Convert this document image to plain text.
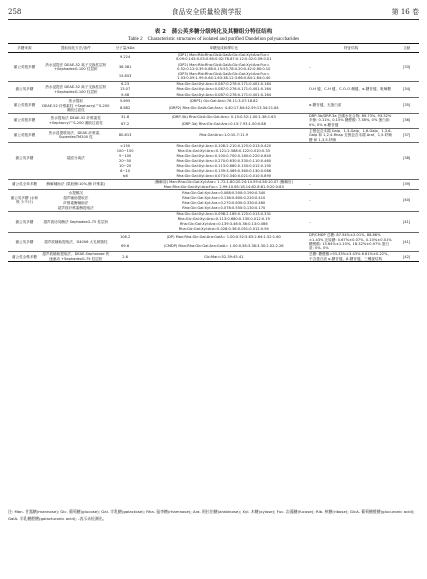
258	食品安全质量检测学报	第 16 卷
表 2　蒲公英多糖分级纯化及其糖组分特征结构
Table 2　Characteristic structures of isolated and purified Dandelion polysaccharides
多糖来源	提取纯化方法/条件	分子量/kDa	单糖组成和摩尔比	特征结构	文献
蒲公英根多糖	热水浸提法 DEAE-52 离子交换柱层析 +SephadexG-100 柱层析	9.224	(DP1) Man:Rib:Rha:GlcA:GalA:Glc:Gal:Xyl:Ara:Fuc= 0.09:0.145:0.03:0.65:0.02:78.67:0.12:0.02:0.09:0.01	–	[33]
		36.381	(DP2) Man:Rib:Rha:GlcA:GalA:Glc:Gal:Xyl:Ara:Fuc= 0.52:0.12:0.39:0.88:0.15:53.78:0.20:0.42:0.80:0.10		
		15.853	(DP3) Man:Rib:Rha:GlcA:GalA:Glc:Gal:Xyl:Ara:Fuc= 1.03:0.09:1.99:0.64:1.63:38.12:3.66:0.84:1.84:0.40		
蒲公英多糖	热水浸提法 DEAE-52 离子交换柱层析 +SephadexG-100 柱层析	6.23	Rha:Glc:Gal:Xyl:Ara=0.087:0.276:0.171:0.401:0.164	O-H 键、C-H 键、C-O-O 酮键、α-糖苷键、吡喃糖	[34]
		13.07	Rha:Glc:Gal:Xyl:Ara=0.087:0.276:0.171:0.401:0.164		
		9.48	Rha:Glc:Gal:Xyl:Ara=0.087:0.276:0.171:0.401:0.164		
蒲公英根多糖	热水提取	5.695	(DRP1) Glc:Gal:Ara=76.11:3.07:18.82	α-糖苷键，无蛋白质	[35]
	DEAE-52 纤维素柱 +Sephacryl™S-200 凝胶过滤柱	8.882	(DRP2) Rha:Glc:GalA:Gal:Ara= 4.40:17.84:42.59:13.34:21.84		
蒲公英根多糖	热水提取法 DEAE-52 纤维素柱 +Sephacryl™S-200 凝胶过滤柱	31.8	(DRP-3b) Rha:GlcA:Glc:Gal:Ara= 0.15:0.52:1.00:1.38:1.63	DRP-3b/DRP-3a 总碳水化合物: 89.73%, 93.52% 多酚: 0.11%, 0.15% 糖醛酸: 7.38%, 0% 蛋白质: 0%, 0% α-糖苷键	[36]
		67.2	(DRP-3a) Rha:Glc:Gal:Ara=0.15:7.93:1.00:0.88		
蒲公英根多糖	热水浸提联用法、DEAE-纤维素、SuperdexTM200 柱	80.813	Rha:Gal:Ara=1.0:10.7:11.9	主链包含末端 Galp、1,3-Galp、1,6-Galp、1,3,6-Galp 和 1,2,4-Rhap 支链包含末端 Araf、1,5-呋喃糖 和 1,3,5-呋喃	[37]
蒲公英多糖	超滤分离法	>150	Rha:Glc:Gal:Xyl:Ara=0.108:2.210:0.125:0.013:0.420	–	[38]
		100~150	Rha:Glc:Gal:Xyl:Ara=0.121:2.588:0.122:0.010:0.33		
		5~100	Rha:Glc:Gal:Xyl:Ara=0.100:0.700:0.160:0.220:0.640		
		20~50	Rha:Glc:Gal:Xyl:Ara=0.270:0.630:0.330:0.110:0.460		
		10~20	Rha:Glc:Gal:Xyl:Ara=0.113:0.680:0.150:0.012:0.190		
		6~10	Rha:Glc:Gal:Xyl:Ara=0.139:3.469:0.360:0.130:0.086		
		≤6	Rha:Glc:Gal:Xyl:Ara=0.073:0.340:0.021:0.010:0.890		
蒲公英全草多糖	酶解辅助法 (果胶酶:10%,酶 纤维素)		(酶解前) Man:Rha:Glc:Gal:Xyl:Ara= 1.72:1.80:20.24:14.59:4.58:10.07 (酶解后) Man:Rha:Glc:Gal:Xyl:Ara:Fuc= 2.99:10.65:18.14:82.8:61.9:20.0:83	–	[39]
蒲公英多糖 (水和麸 少不计)	水提醇沉		Rha:Glc:Gal:Xyl:Ara=0.088:0.500:0.190:0.340	–	[40]
	超声辅助提取法		Rha:Glc:Gal:Xyl:Ara=0.136:0.600:0.220:0.410		
	纤维素酶辅助法		Rha:Glc:Gal:Xyl:Ara=0.270:0.630:0.330:0.460		
	超声波纤维素酶提取法		Rha:Glc:Gal:Xyl:Ara=0.078:0.550:0.130:0.170		
蒲公英多糖	超声波协同酶法 SephadexG-75 柱层析		Rha:Glc:Gal:Xyl:Ara=0.098:2.189:0.125:0.013:0.331	–	[41]
			Rha:Glc:Gal:Xyl:Ara=0.113:0.680:0.130:0.012:0.19		
			Rha:Glc:Gal:Xyl:Ara=0.139:3.46:0.36:0.13:0.086		
			Rha:Glc:Gal:Xyl:Ara=0.028:0.36:0.051:0.012:0.94		
蒲公英多糖	超声波辅助提取法、D4006 大孔树脂柱	108.2	(DP) Man:Rha:Glc:Gal:Ara:GalA= 1.00:0.52:5.83:2.64:1.52:1.60	DP/CMDP 总糖: 87.54%±2.01%, 88.86%±1.43% 还原糖: 0.67%±0.07%, 0.10%±0.01% 糖醛酸: 13.64%±1.10%, 18.32%±0.97% 蛋白质: 0%, 0%	[41]
		69.8	(CMDP) Man:Rha:Glc:Gal:Ara:GalA= 1.00:0.58:3.38:3.30:2.02:2.26		
蒲公英全株多糖	超声波辅助提取法、DEAE-Sepharose 快速流动 +SephadexG-75 柱层析	2.6	Glc:Man=52.39:45.41	总糖: 糖醛酸=93.33%±3.43% 6.61%±0.22%，不含蛋白质 α-糖苷键，β-糖苷键，三螺旋结构	[42]
注: Man. 甘露糖(mannose); Glc. 葡萄糖(glucose); Gal. 半乳糖(galactose); Rha. 鼠李糖(rhamnose); Ara. 阿拉伯糖(arabinose); Xyl. 木糖(xylose); Fuc. 岩藻糖(fucose); Rib. 核糖(ribose); GlcA. 葡萄糖醛酸(glucuronic acid); GalA. 半乳糖醛酸(galacturonic acid); -表示未检测出。
